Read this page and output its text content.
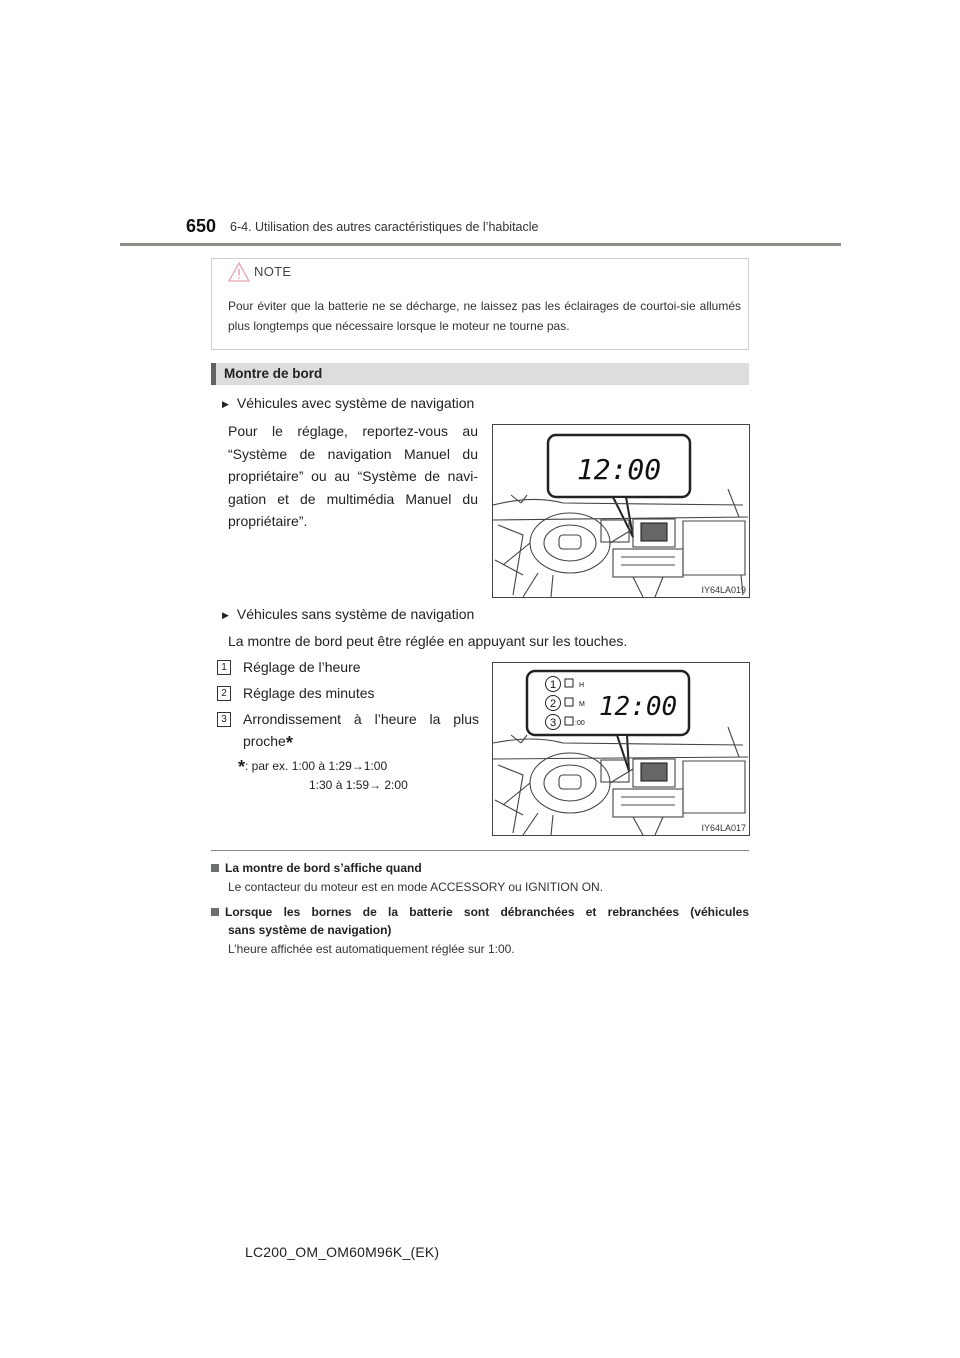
650 6-4. Utilisation des autres caractéristiques de l’habitacle
NOTE
Pour éviter que la batterie ne se décharge, ne laissez pas les éclairages de courtoi-sie allumés plus longtemps que nécessaire lorsque le moteur ne tourne pas.
Montre de bord
▶ Véhicules avec système de navigation
Pour le réglage, reportez-vous au “Système de navigation Manuel du propriétaire” ou au “Système de navi-gation et de multimédia Manuel du propriétaire”.
12:00
IY64LA019
▶ Véhicules sans système de navigation
La montre de bord peut être réglée en appuyant sur les touches.
1	Réglage de l’heure
2	Réglage des minutes
3	Arrondissement à l’heure la plus
proche*
*: par ex. 1:00 à 1:29→1:00
1:30 à 1:59→ 2:00
1	H
2	M
3	:00
12:00
IY64LA017
La montre de bord s’affiche quand
Le contacteur du moteur est en mode ACCESSORY ou IGNITION ON.
Lorsque les bornes de la batterie sont débranchées et rebranchées (véhicules
sans système de navigation)
L’heure affichée est automatiquement réglée sur 1:00.
LC200_OM_OM60M96K_(EK)
